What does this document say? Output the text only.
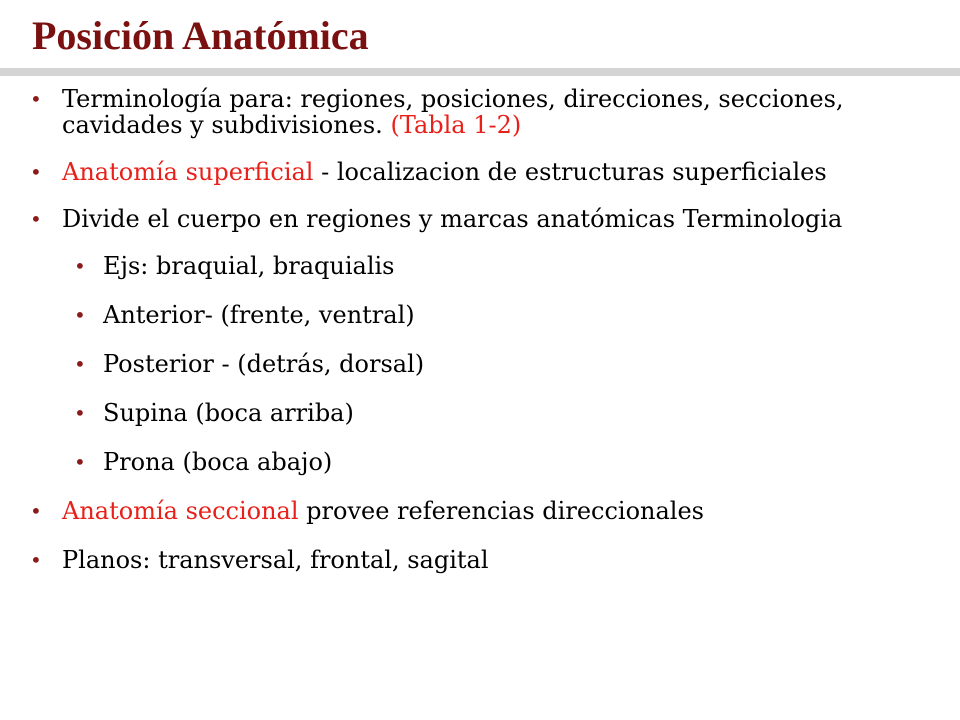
Posición Anatómica
• Terminología para: regiones, posiciones, direcciones, secciones, cavidades y subdivisiones. (Tabla 1-2)
• Anatomía superficial - localizacion de estructuras superficiales
• Divide el cuerpo en regiones y marcas anatómicas Terminologia
• Ejs: braquial, braquialis
• Anterior- (frente, ventral)
• Posterior - (detrás, dorsal)
• Supina (boca arriba)
• Prona (boca abajo)
• Anatomía seccional provee referencias direccionales
• Planos: transversal, frontal, sagital
